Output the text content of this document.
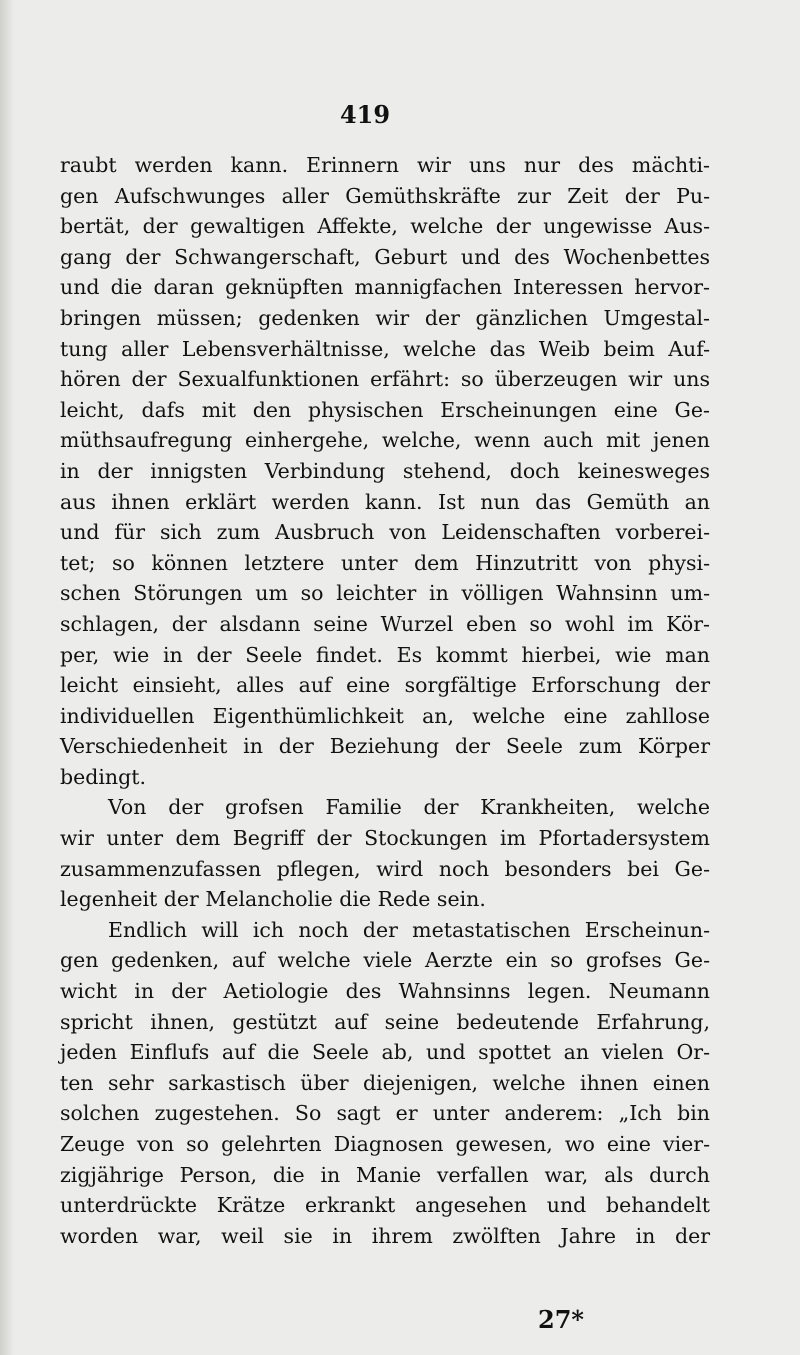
419
raubt werden kann. Erinnern wir uns nur des mächti-
gen Aufschwunges aller Gemüthskräfte zur Zeit der Pu-
bertät, der gewaltigen Affekte, welche der ungewisse Aus-
gang der Schwangerschaft, Geburt und des Wochenbettes
und die daran geknüpften mannigfachen Interessen hervor-
bringen müssen; gedenken wir der gänzlichen Umgestal-
tung aller Lebensverhältnisse, welche das Weib beim Auf-
hören der Sexualfunktionen erfährt: so überzeugen wir uns
leicht, dafs mit den physischen Erscheinungen eine Ge-
müthsaufregung einhergehe, welche, wenn auch mit jenen
in der innigsten Verbindung stehend, doch keinesweges
aus ihnen erklärt werden kann. Ist nun das Gemüth an
und für sich zum Ausbruch von Leidenschaften vorberei-
tet; so können letztere unter dem Hinzutritt von physi-
schen Störungen um so leichter in völligen Wahnsinn um-
schlagen, der alsdann seine Wurzel eben so wohl im Kör-
per, wie in der Seele findet. Es kommt hierbei, wie man
leicht einsieht, alles auf eine sorgfältige Erforschung der
individuellen Eigenthümlichkeit an, welche eine zahllose
Verschiedenheit in der Beziehung der Seele zum Körper
bedingt.
Von der grofsen Familie der Krankheiten, welche
wir unter dem Begriff der Stockungen im Pfortadersystem
zusammenzufassen pflegen, wird noch besonders bei Ge-
legenheit der Melancholie die Rede sein.
Endlich will ich noch der metastatischen Erscheinun-
gen gedenken, auf welche viele Aerzte ein so grofses Ge-
wicht in der Aetiologie des Wahnsinns legen. Neumann
spricht ihnen, gestützt auf seine bedeutende Erfahrung,
jeden Einflufs auf die Seele ab, und spottet an vielen Or-
ten sehr sarkastisch über diejenigen, welche ihnen einen
solchen zugestehen. So sagt er unter anderem: „Ich bin
Zeuge von so gelehrten Diagnosen gewesen, wo eine vier-
zigjährige Person, die in Manie verfallen war, als durch
unterdrückte Krätze erkrankt angesehen und behandelt
worden war, weil sie in ihrem zwölften Jahre in der
27*
